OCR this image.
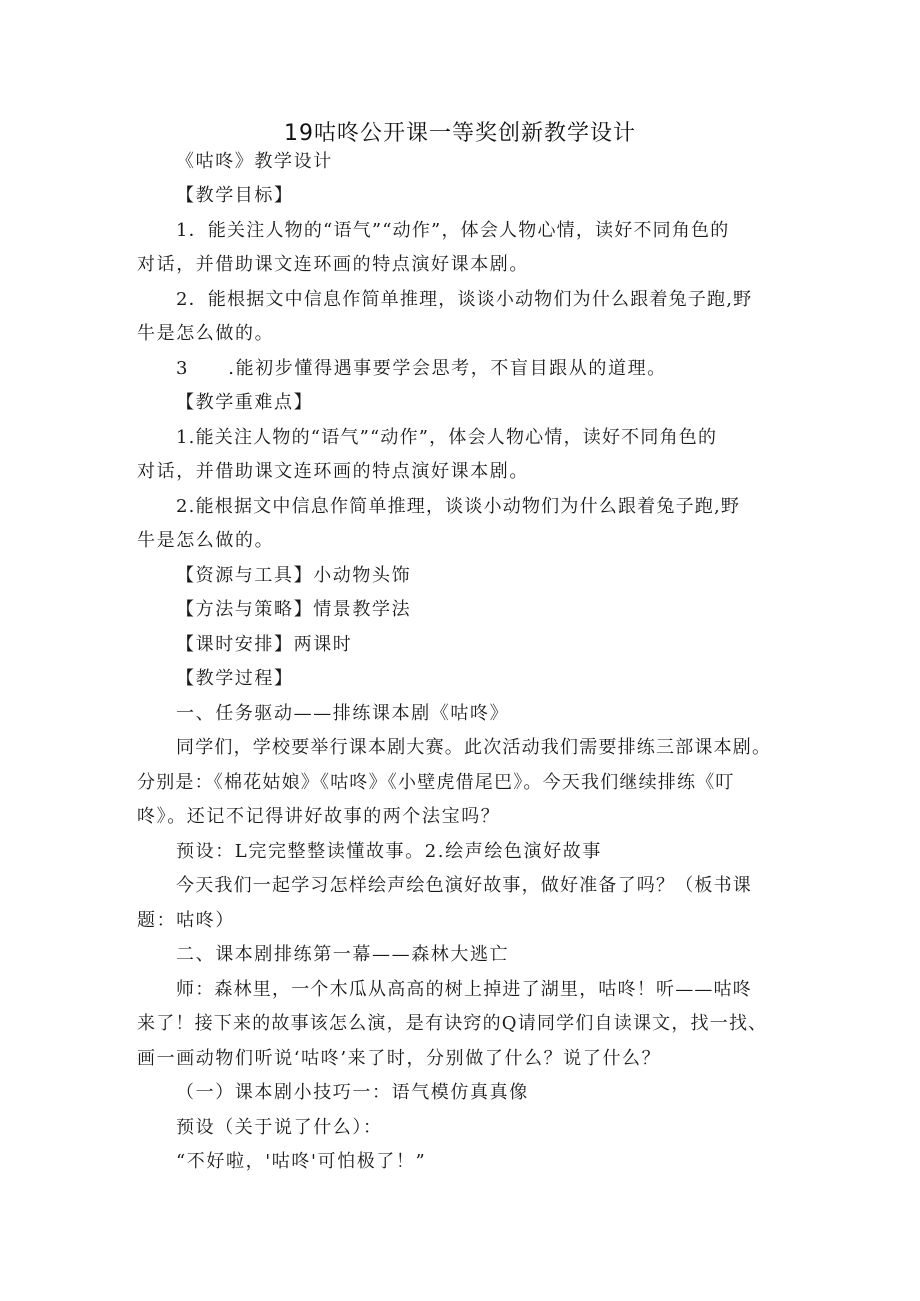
19咕咚公开课一等奖创新教学设计
《咕咚》教学设计
【教学目标】
1．能关注人物的“语气”“动作”，体会人物心情，读好不同角色的
对话，并借助课文连环画的特点演好课本剧。
2．能根据文中信息作简单推理，谈谈小动物们为什么跟着兔子跑,野
牛是怎么做的。
3　　.能初步懂得遇事要学会思考，不盲目跟从的道理。
【教学重难点】
1.能关注人物的“语气”“动作”，体会人物心情，读好不同角色的
对话，并借助课文连环画的特点演好课本剧。
2.能根据文中信息作简单推理，谈谈小动物们为什么跟着兔子跑,野
牛是怎么做的。
【资源与工具】小动物头饰
【方法与策略】情景教学法
【课时安排】两课时
【教学过程】
一、任务驱动——排练课本剧《咕咚》
同学们，学校要举行课本剧大赛。此次活动我们需要排练三部课本剧。
分别是：《棉花姑娘》《咕咚》《小壁虎借尾巴》。今天我们继续排练《叮
咚》。还记不记得讲好故事的两个法宝吗？
预设：L完完整整读懂故事。2.绘声绘色演好故事
今天我们一起学习怎样绘声绘色演好故事，做好准备了吗？（板书课
题：咕咚）
二、课本剧排练第一幕——森林大逃亡
师：森林里，一个木瓜从高高的树上掉进了湖里，咕咚！听——咕咚
来了！接下来的故事该怎么演，是有诀窍的Q请同学们自读课文，找一找、
画一画动物们听说‘咕咚’来了时，分别做了什么？说了什么？
（一）课本剧小技巧一：语气模仿真真像
预设（关于说了什么）：
“不好啦，'咕咚'可怕极了！”
